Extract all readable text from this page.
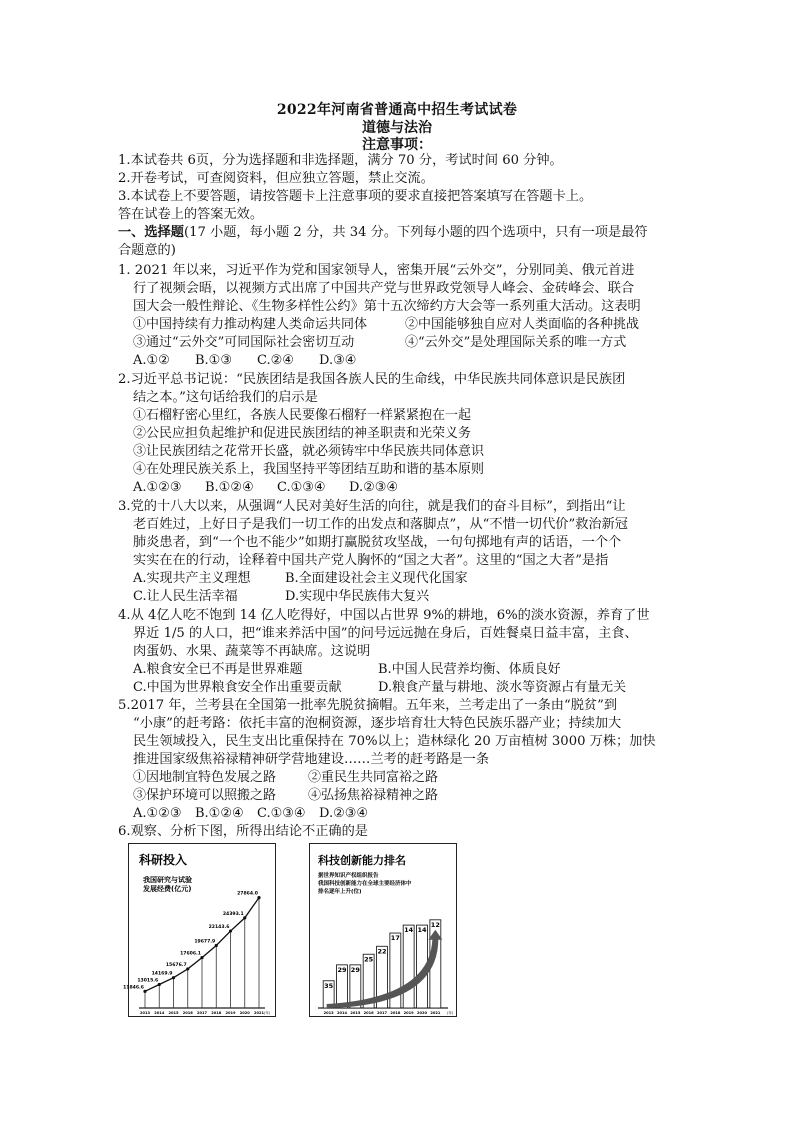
2022年河南省普通高中招生考试试卷
道德与法治
注意事项：
1.本试卷共 6页，分为选择题和非选择题，满分 70 分，考试时间 60 分钟。
2.开卷考试，可查阅资料，但应独立答题，禁止交流。
3.本试卷上不要答题，请按答题卡上注意事项的要求直接把答案填写在答题卡上。
答在试卷上的答案无效。
一、选择题(17 小题，每小题 2 分，共 34 分。下列每小题的四个选项中，只有一项是最符
合题意的)
1. 2021 年以来，习近平作为党和国家领导人，密集开展“云外交”，分别同美、俄元首进
行了视频会晤，以视频方式出席了中国共产党与世界政党领导人峰会、金砖峰会、联合
国大会一般性辩论、《生物多样性公约》第十五次缔约方大会等一系列重大活动。这表明
①中国持续有力推动构建人类命运共同体	②中国能够独自应对人类面临的各种挑战
③通过“云外交”可同国际社会密切互动	④“云外交”是处理国际关系的唯一方式
A.①② B.①③ C.②④ D.③④
2.习近平总书记说：“民族团结是我国各族人民的生命线，中华民族共同体意识是民族团
结之本。”这句话给我们的启示是
①石榴籽密心里红，各族人民要像石榴籽一样紧紧抱在一起
②公民应担负起维护和促进民族团结的神圣职责和光荣义务
③让民族团结之花常开长盛，就必须铸牢中华民族共同体意识
④在处理民族关系上，我国坚持平等团结互助和谐的基本原则
A.①②③ B.①②④ C.①③④ D.②③④
3.党的十八大以来，从强调“人民对美好生活的向往，就是我们的奋斗目标”，到指出“让
老百姓过，上好日子是我们一切工作的出发点和落脚点”，从“不惜一切代价”救治新冠
肺炎患者，到“一个也不能少”如期打赢脱贫攻坚战，一句句掷地有声的话语，一个个
实实在在的行动，诠释着中国共产党人胸怀的“国之大者”。这里的“国之大者”是指
A.实现共产主义理想	B.全面建设社会主义现代化国家
C.让人民生活幸福	D.实现中华民族伟大复兴
4.从 4亿人吃不饱到 14 亿人吃得好，中国以占世界 9%的耕地，6%的淡水资源，养育了世
界近 1/5 的人口，把“谁来养活中国”的问号远远抛在身后，百姓餐桌日益丰富，主食、
肉蛋奶、水果、蔬菜等不再缺席。这说明
A.粮食安全已不再是世界难题	B.中国人民营养均衡、体质良好
C.中国为世界粮食安全作出重要贡献	D.粮食产量与耕地、淡水等资源占有量无关
5.2017 年，兰考县在全国第一批率先脱贫摘帽。五年来，兰考走出了一条由“脱贫”到
“小康”的赶考路：依托丰富的泡桐资源，逐步培育壮大特色民族乐器产业；持续加大
民生领域投入，民生支出比重保持在 70%以上；造林绿化 20 万亩植树 3000 万株；加快
推进国家级焦裕禄精神研学营地建设……兰考的赶考路是一条
①因地制宜特色发展之路 ②重民生共同富裕之路
③保护环境可以照搬之路 ④弘扬焦裕禄精神之路
A.①②③ B.①②④ C.①③④ D.②③④
6.观察、分析下图，所得出结论不正确的是
科研投入
我国研究与试验
发展经费(亿元)
11846.6
13015.6
14169.9
15676.7
17606.1
19677.9
22143.6
24393.1
27864.0
2013 2014 2015 2016 2017 2018 2019 2020 2021 (年)
科技创新能力排名
据世界知识产权组织报告
我国科技创新能力在全球主要经济体中
排名逐年上升(位)
35
29 29
25
22
17
14 14
12
2013 2014 2015 2016 2017 2018 2019 2020 2021 (年)
